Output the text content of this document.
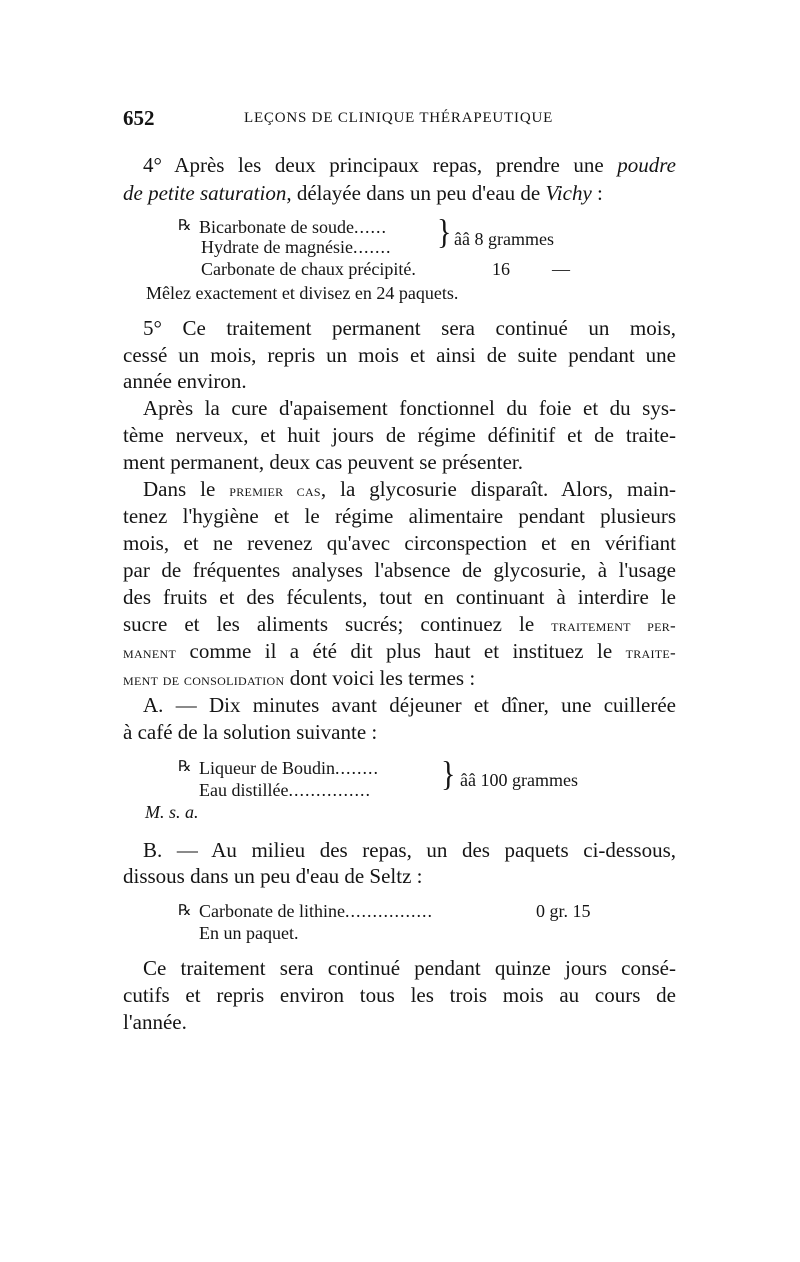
652	LEÇONS DE CLINIQUE THÉRAPEUTIQUE
4° Après les deux principaux repas, prendre une poudre
de petite saturation, délayée dans un peu d'eau de Vichy :
℞ Bicarbonate de soude......
Hydrate de magnésie....... } ââ 8 grammes
Carbonate de chaux précipité.	16 —
Mêlez exactement et divisez en 24 paquets.
5° Ce traitement permanent sera continué un mois,
cessé un mois, repris un mois et ainsi de suite pendant une
année environ.
Après la cure d'apaisement fonctionnel du foie et du sys-
tème nerveux, et huit jours de régime définitif et de traite-
ment permanent, deux cas peuvent se présenter.
Dans le premier cas, la glycosurie disparaît. Alors, main-
tenez l'hygiène et le régime alimentaire pendant plusieurs
mois, et ne revenez qu'avec circonspection et en vérifiant
par de fréquentes analyses l'absence de glycosurie, à l'usage
des fruits et des féculents, tout en continuant à interdire le
sucre et les aliments sucrés; continuez le traitement per-
manent comme il a été dit plus haut et instituez le traite-
ment de consolidation dont voici les termes :
A. — Dix minutes avant déjeuner et dîner, une cuillerée
à café de la solution suivante :
℞ Liqueur de Boudin........
Eau distillée............... } ââ 100 grammes
M. s. a.
B. — Au milieu des repas, un des paquets ci-dessous,
dissous dans un peu d'eau de Seltz :
℞ Carbonate de lithine................	0 gr. 15
En un paquet.
Ce traitement sera continué pendant quinze jours consé-
cutifs et repris environ tous les trois mois au cours de
l'année.
